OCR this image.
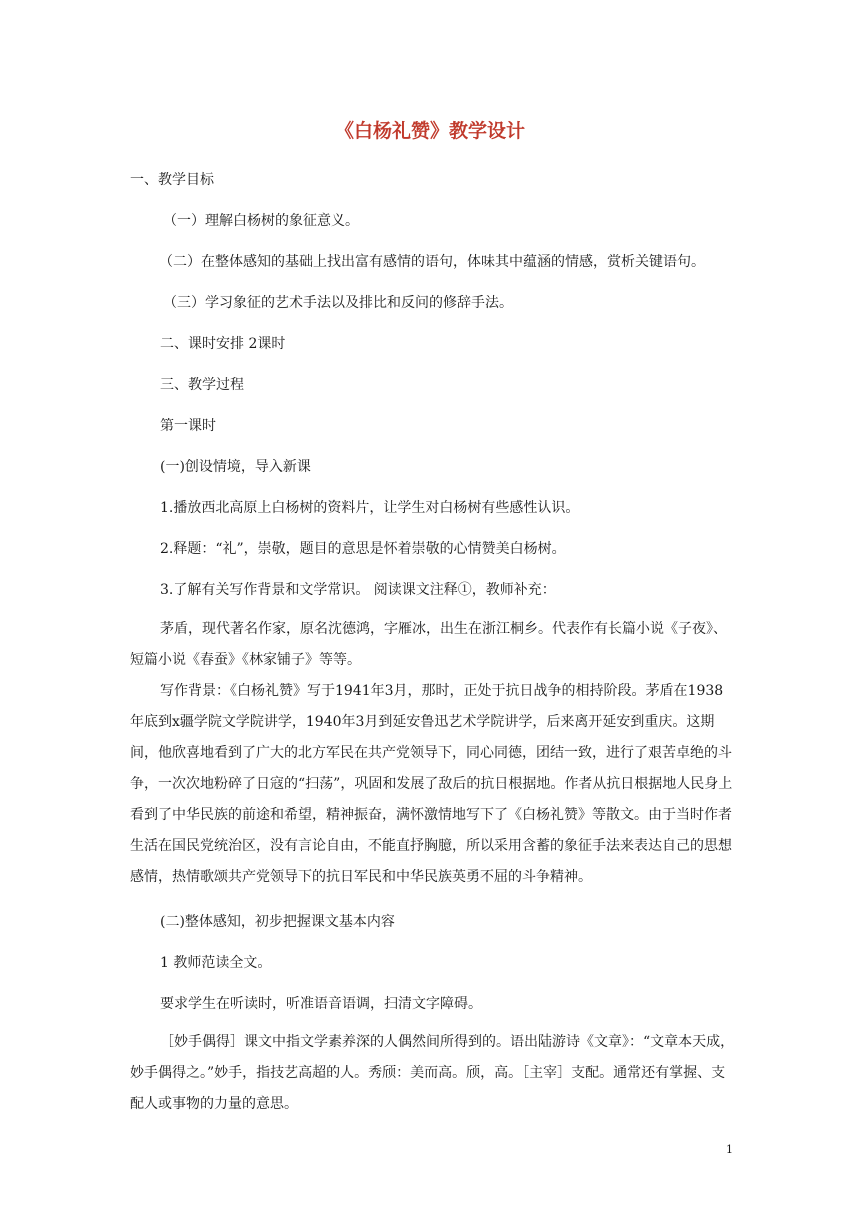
《白杨礼赞》教学设计
一、教学目标
（一）理解白杨树的象征意义。
（二）在整体感知的基础上找出富有感情的语句，体味其中蕴涵的情感，赏析关键语句。
（三）学习象征的艺术手法以及排比和反问的修辞手法。
二、课时安排 2课时
三、教学过程
第一课时
(一)创设情境，导入新课
1.播放西北高原上白杨树的资料片，让学生对白杨树有些感性认识。
2.释题：“礼”，崇敬，题目的意思是怀着崇敬的心情赞美白杨树。
3.了解有关写作背景和文学常识。 阅读课文注释①，教师补充：
茅盾，现代著名作家，原名沈德鸿，字雁冰，出生在浙江桐乡。代表作有长篇小说《子夜》、短篇小说《春蚕》《林家铺子》等等。
写作背景：《白杨礼赞》写于1941年3月，那时，正处于抗日战争的相持阶段。茅盾在1938年底到x疆学院文学院讲学，1940年3月到延安鲁迅艺术学院讲学，后来离开延安到重庆。这期间，他欣喜地看到了广大的北方军民在共产党领导下，同心同德，团结一致，进行了艰苦卓绝的斗争，一次次地粉碎了日寇的“扫荡”，巩固和发展了敌后的抗日根据地。作者从抗日根据地人民身上看到了中华民族的前途和希望，精神振奋，满怀激情地写下了《白杨礼赞》等散文。由于当时作者生活在国民党统治区，没有言论自由，不能直抒胸臆，所以采用含蓄的象征手法来表达自己的思想感情，热情歌颂共产党领导下的抗日军民和中华民族英勇不屈的斗争精神。
(二)整体感知，初步把握课文基本内容
1 教师范读全文。
要求学生在听读时，听准语音语调，扫清文字障碍。
［妙手偶得］课文中指文学素养深的人偶然间所得到的。语出陆游诗《文章》：“文章本天成，妙手偶得之。”妙手，指技艺高超的人。秀颀：美而高。颀，高。［主宰］支配。通常还有掌握、支配人或事物的力量的意思。
1
